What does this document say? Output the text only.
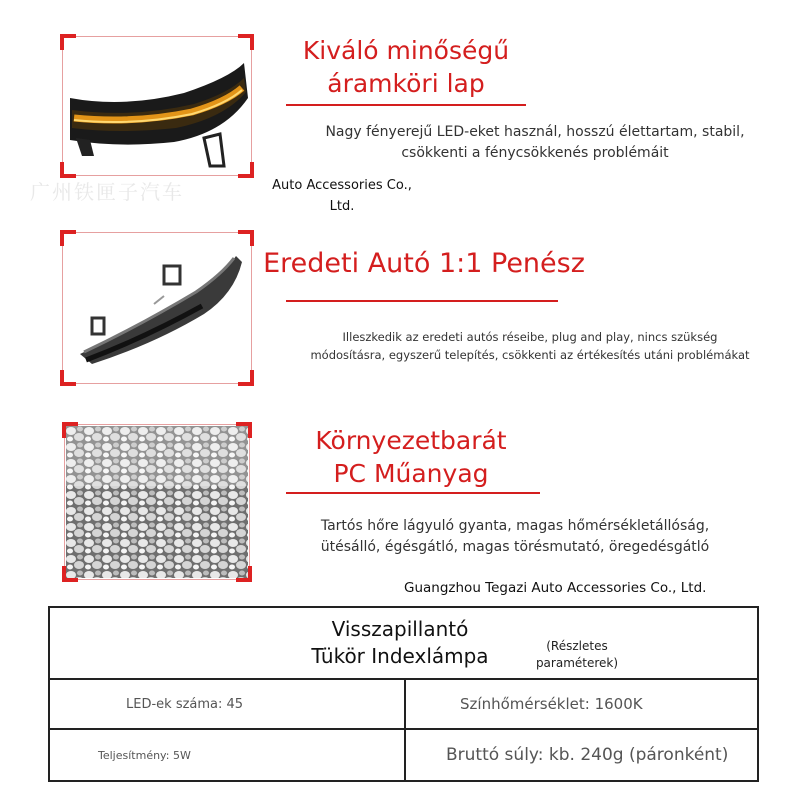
广州铁匣子汽车	Auto Accessories Co., Ltd.
Kiváló minőségű
áramköri lap
Nagy fényerejű LED-eket használ, hosszú élettartam, stabil,
csökkenti a fénycsökkenés problémáit
Eredeti Autó 1:1 Penész
Illeszkedik az eredeti autós réseibe, plug and play, nincs szükség
módosításra, egyszerű telepítés, csökkenti az értékesítés utáni problémákat
Környezetbarát
PC Műanyag
Tartós hőre lágyuló gyanta, magas hőmérsékletállóság,
ütésálló, égésgátló, magas törésmutató, öregedésgátló
Guangzhou Tegazi Auto Accessories Co., Ltd.
Visszapillantó
Tükör Indexlámpa (Részletes
paraméterek)	

LED-ek száma: 45	Színhőmérséklet: 1600K

Teljesítmény: 5W	Bruttó súly: kb. 240g (páronként)
